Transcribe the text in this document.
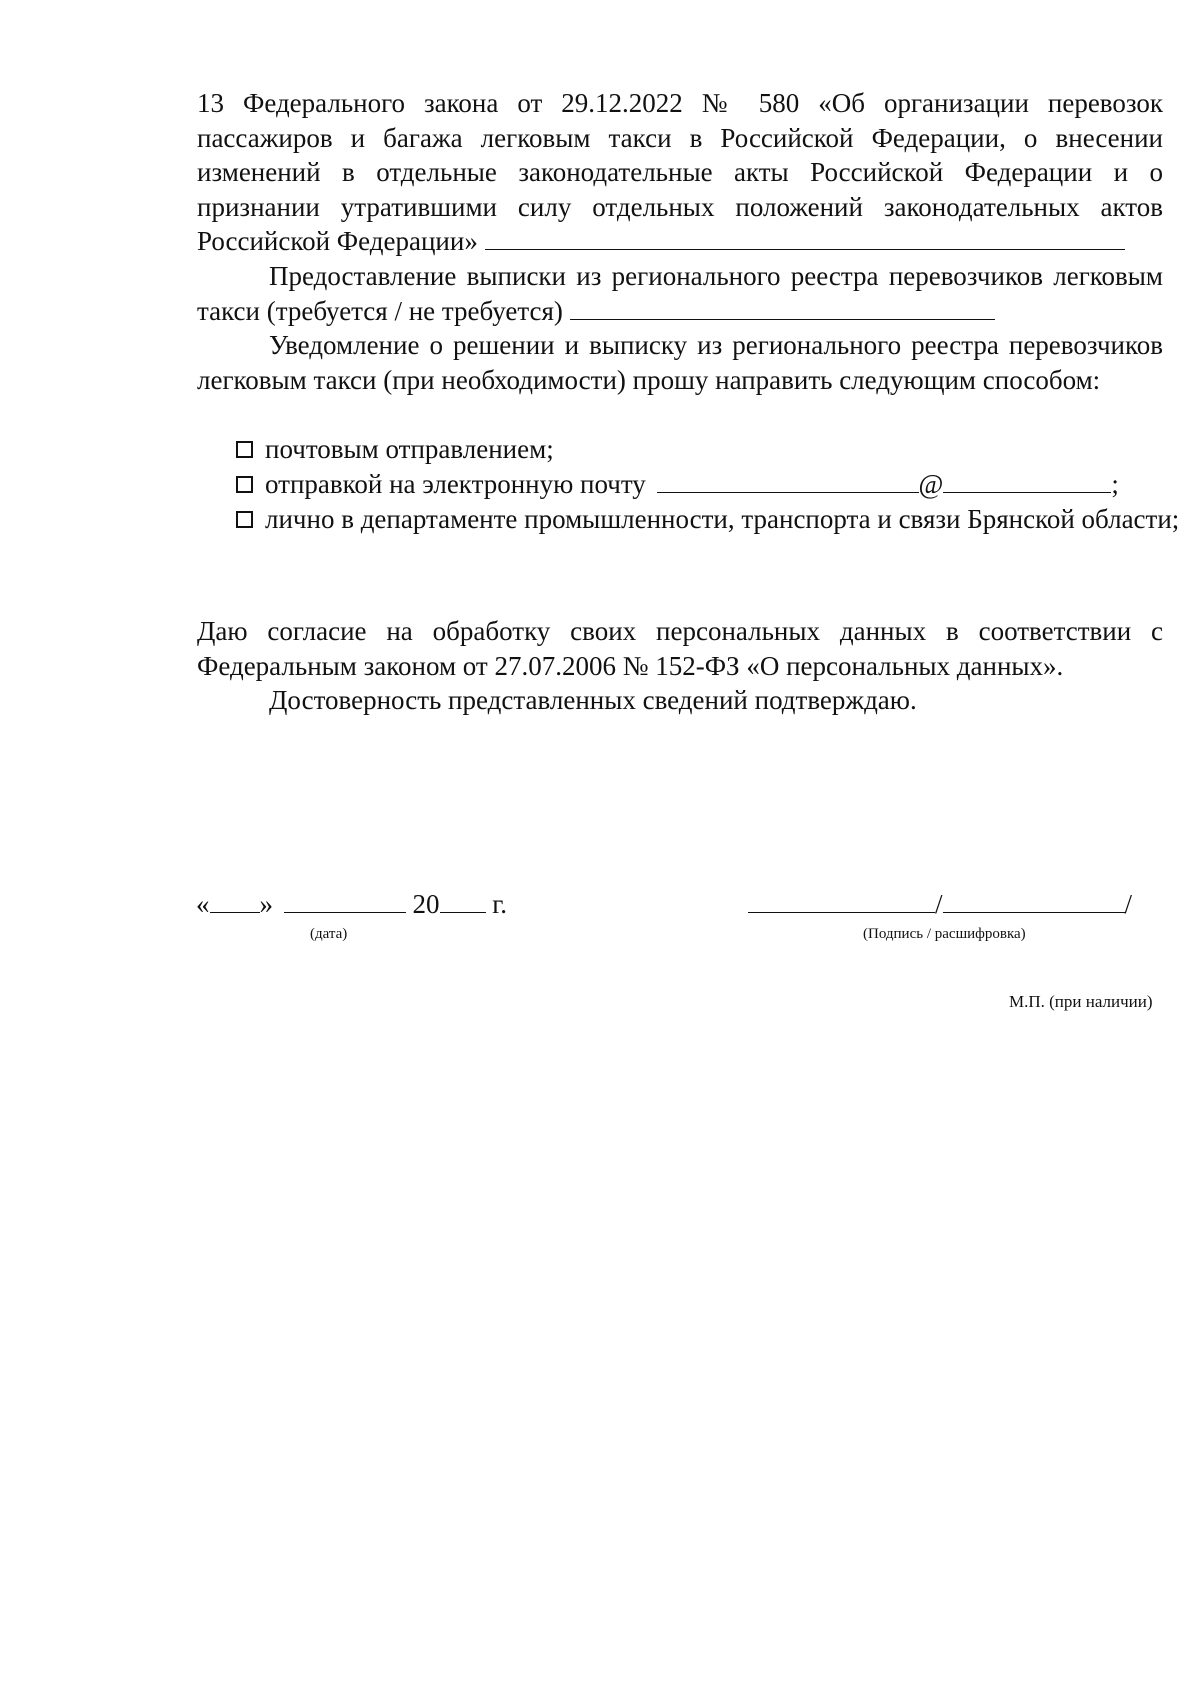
13 Федерального закона от 29.12.2022 № 580 «Об организации перевозок пассажиров и багажа легковым такси в Российской Федерации, о внесении изменений в отдельные законодательные акты Российской Федерации и о признании утратившими силу отдельных положений законодательных актов Российской Федерации»

Предоставление выписки из регионального реестра перевозчиков легковым такси (требуется / не требуется)

Уведомление о решении и выписку из регионального реестра перевозчиков легковым такси (при необходимости) прошу направить следующим способом:

почтовым отправлением;
отправкой на электронную почту	@	;
лично в департаменте промышленности, транспорта и связи Брянской области;

Даю согласие на обработку своих персональных данных в соответствии с Федеральным законом от 27.07.2006 № 152-ФЗ «О персональных данных».

Достоверность представленных сведений подтверждаю.

« »	20 г.
(дата)
/	/
(Подпись / расшифровка)
М.П. (при наличии)
